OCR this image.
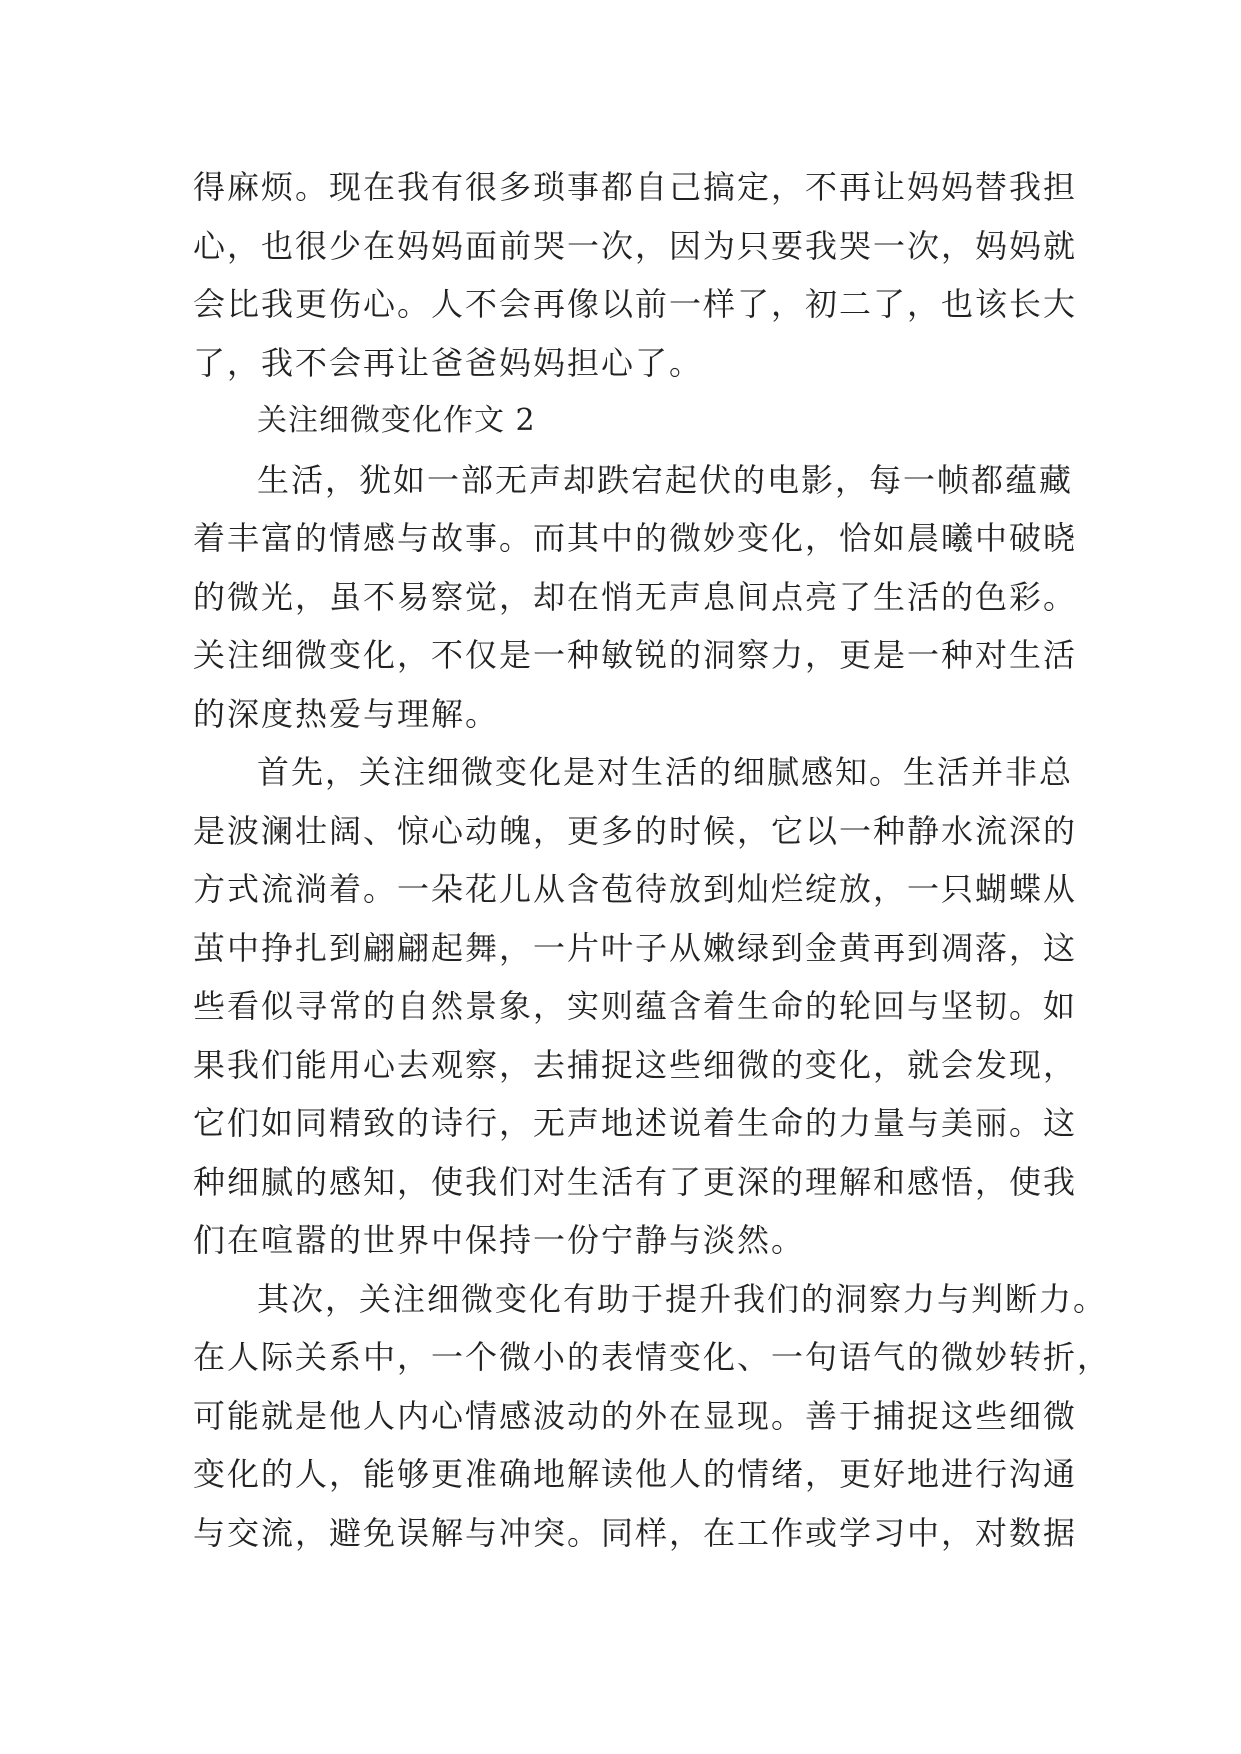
得麻烦。现在我有很多琐事都自己搞定，不再让妈妈替我担
心，也很少在妈妈面前哭一次，因为只要我哭一次，妈妈就
会比我更伤心。人不会再像以前一样了，初二了，也该长大
了，我不会再让爸爸妈妈担心了。
关注细微变化作文 2
生活，犹如一部无声却跌宕起伏的电影，每一帧都蕴藏
着丰富的情感与故事。而其中的微妙变化，恰如晨曦中破晓
的微光，虽不易察觉，却在悄无声息间点亮了生活的色彩。
关注细微变化，不仅是一种敏锐的洞察力，更是一种对生活
的深度热爱与理解。
首先，关注细微变化是对生活的细腻感知。生活并非总
是波澜壮阔、惊心动魄，更多的时候，它以一种静水流深的
方式流淌着。一朵花儿从含苞待放到灿烂绽放，一只蝴蝶从
茧中挣扎到翩翩起舞，一片叶子从嫩绿到金黄再到凋落，这
些看似寻常的自然景象，实则蕴含着生命的轮回与坚韧。如
果我们能用心去观察，去捕捉这些细微的变化，就会发现，
它们如同精致的诗行，无声地述说着生命的力量与美丽。这
种细腻的感知，使我们对生活有了更深的理解和感悟，使我
们在喧嚣的世界中保持一份宁静与淡然。
其次，关注细微变化有助于提升我们的洞察力与判断力。
在人际关系中，一个微小的表情变化、一句语气的微妙转折，
可能就是他人内心情感波动的外在显现。善于捕捉这些细微
变化的人，能够更准确地解读他人的情绪，更好地进行沟通
与交流，避免误解与冲突。同样，在工作或学习中，对数据
